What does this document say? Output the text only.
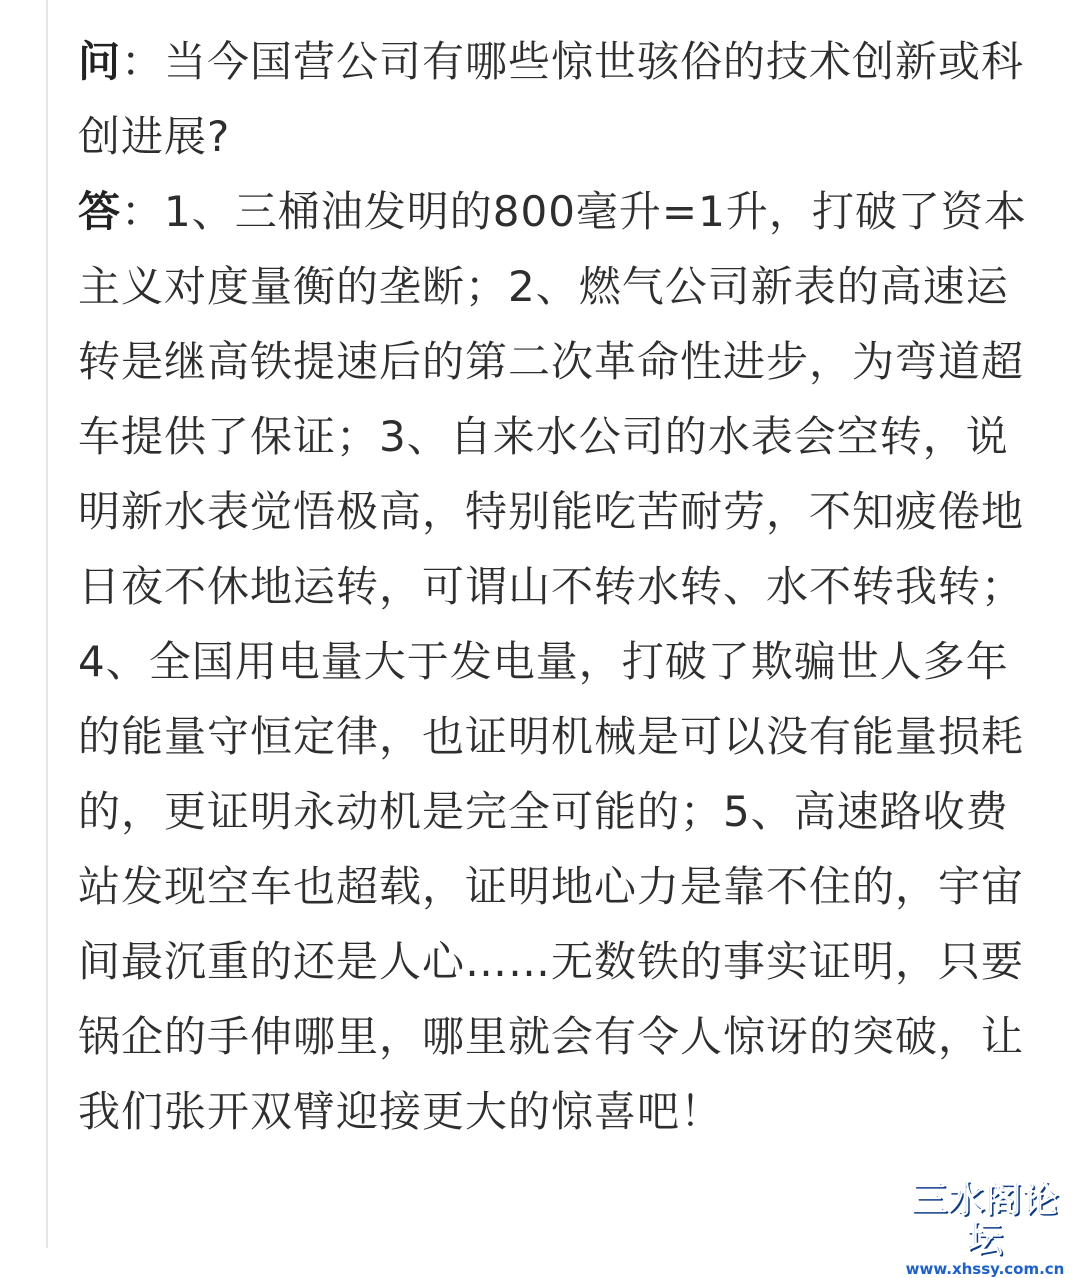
问：当今国营公司有哪些惊世骇俗的技术创新或科创进展?

答：1、三桶油发明的800毫升=1升，打破了资本主义对度量衡的垄断；2、燃气公司新表的高速运转是继高铁提速后的第二次革命性进步，为弯道超车提供了保证；3、自来水公司的水表会空转，说明新水表觉悟极高，特别能吃苦耐劳，不知疲倦地日夜不休地运转，可谓山不转水转、水不转我转；4、全国用电量大于发电量，打破了欺骗世人多年的能量守恒定律，也证明机械是可以没有能量损耗的，更证明永动机是完全可能的；5、高速路收费站发现空车也超载，证明地心力是靠不住的，宇宙间最沉重的还是人心……无数铁的事实证明，只要锅企的手伸哪里，哪里就会有令人惊讶的突破，让我们张开双臂迎接更大的惊喜吧！

三水阁论坛
www.xhssy.com.cn
